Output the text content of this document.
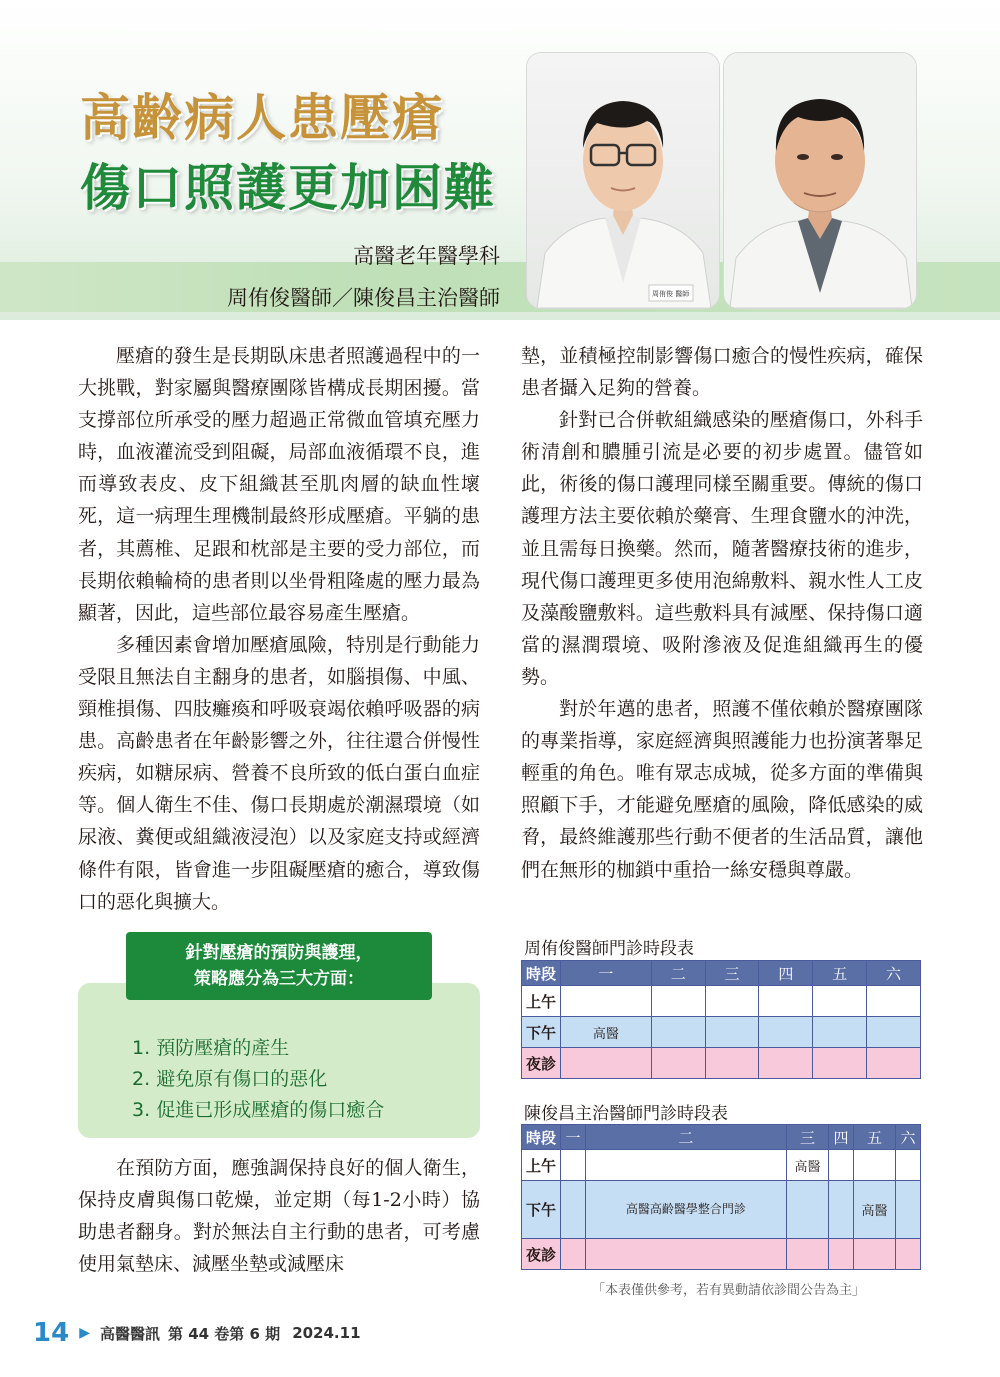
高齡病人患壓瘡
傷口照護更加困難
高醫老年醫學科
周侑俊醫師／陳俊昌主治醫師	周侑俊 醫師

壓瘡的發生是長期臥床患者照護過程中的一大挑戰，對家屬與醫療團隊皆構成長期困擾。當支撐部位所承受的壓力超過正常微血管填充壓力時，血液灌流受到阻礙，局部血液循環不良，進而導致表皮、皮下組織甚至肌肉層的缺血性壞死，這一病理生理機制最終形成壓瘡。平躺的患者，其薦椎、足跟和枕部是主要的受力部位，而長期依賴輪椅的患者則以坐骨粗隆處的壓力最為顯著，因此，這些部位最容易產生壓瘡。

多種因素會增加壓瘡風險，特別是行動能力受限且無法自主翻身的患者，如腦損傷、中風、頸椎損傷、四肢癱瘓和呼吸衰竭依賴呼吸器的病患。高齡患者在年齡影響之外，往往還合併慢性疾病，如糖尿病、營養不良所致的低白蛋白血症等。個人衛生不佳、傷口長期處於潮濕環境（如尿液、糞便或組織液浸泡）以及家庭支持或經濟條件有限，皆會進一步阻礙壓瘡的癒合，導致傷口的惡化與擴大。

針對壓瘡的預防與護理，
策略應分為三大方面：
1. 預防壓瘡的產生
2. 避免原有傷口的惡化
3. 促進已形成壓瘡的傷口癒合

在預防方面，應強調保持良好的個人衛生，保持皮膚與傷口乾燥，並定期（每1-2小時）協助患者翻身。對於無法自主行動的患者，可考慮使用氣墊床、減壓坐墊或減壓床

墊，並積極控制影響傷口癒合的慢性疾病，確保患者攝入足夠的營養。

針對已合併軟組織感染的壓瘡傷口，外科手術清創和膿腫引流是必要的初步處置。儘管如此，術後的傷口護理同樣至關重要。傳統的傷口護理方法主要依賴於藥膏、生理食鹽水的沖洗，並且需每日換藥。然而，隨著醫療技術的進步，現代傷口護理更多使用泡綿敷料、親水性人工皮及藻酸鹽敷料。這些敷料具有減壓、保持傷口適當的濕潤環境、吸附滲液及促進組織再生的優勢。

對於年邁的患者，照護不僅依賴於醫療團隊的專業指導，家庭經濟與照護能力也扮演著舉足輕重的角色。唯有眾志成城，從多方面的準備與照顧下手，才能避免壓瘡的風險，降低感染的威脅，最終維護那些行動不便者的生活品質，讓他們在無形的枷鎖中重拾一絲安穩與尊嚴。

周侑俊醫師門診時段表
時段	一	二	三	四	五	六
上午						
下午	高醫					
夜診						
陳俊昌主治醫師門診時段表
時段	一	二	三	四	五	六
上午			高醫			
下午		高醫高齡醫學整合門診			高醫	
夜診						
「本表僅供參考，若有異動請依診間公告為主」
14 ▶ 高醫醫訊 第 44 卷第 6 期 2024.11
